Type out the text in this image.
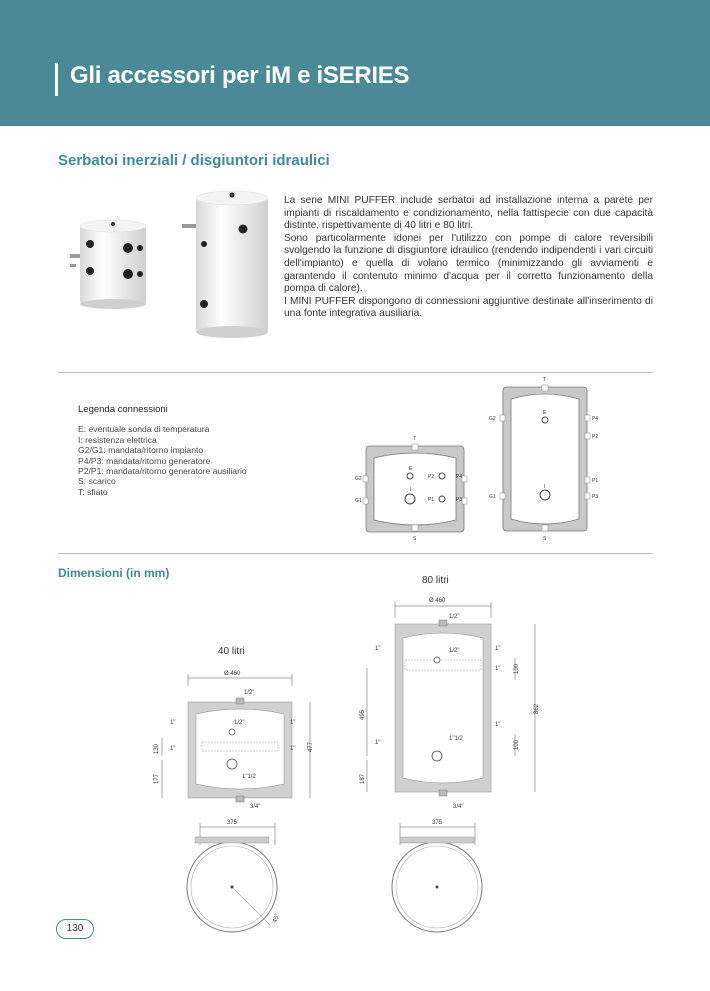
Gli accessori per iM e iSERIES
Serbatoi inerziali / disgiuntori idraulici

La serie MINI PUFFER include serbatoi ad installazione interna a parete per impianti di riscaldamento e condizionamento, nella fattispecie con due capacità distinte, rispettivamente di 40 litri e 80 litri.

Sono particolarmente idonei per l'utilizzo con pompe di calore reversibili svolgendo la funzione di disgiuntore idraulico (rendendo indipendenti i vari circuiti dell'impianto) e quella di volano termico (minimizzando gli avviamenti e garantendo il contenuto minimo d'acqua per il corretto funzionamento della pompa di calore).

I MINI PUFFER dispongono di connessioni aggiuntive destinate all'inserimento di una fonte integrativa ausiliaria.

Legenda connessioni
E: eventuale sonda di temperatura
I: resistenza elettrica
G2/G1: mandata/ritorno impianto
P4/P3: mandata/ritorno generatore
P2/P1: mandata/ritorno generatore ausiliario
S: scarico
T: sfiato
T
E
I
G2
G1
P2	P4
P1	P3
S
T
E
I
G2
G1
P4
P2
P1
P3
S
Dimensioni (in mm)
80 litri
40 litri
Ø 460
1/2"
1/2"
1"	1"
1"	1"
1"1/2
3/4"
477
130
177
Ø 460
1/2"
1/2"
1"	1"
1"
1"
1"
1"1/2
3/4"
862
100
100
495
187
375
45°
375
130
